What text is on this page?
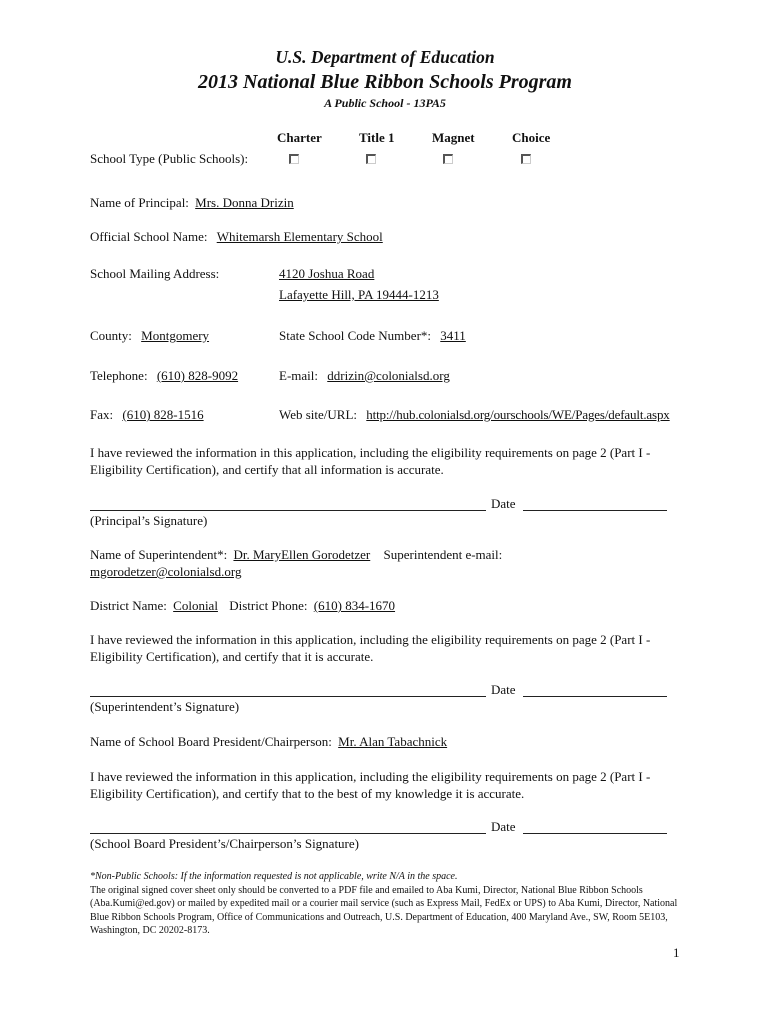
U.S. Department of Education
2013 National Blue Ribbon Schools Program
A Public School - 13PA5
Charter	Title 1	Magnet	Choice
School Type (Public Schools):
Name of Principal: Mrs. Donna Drizin
Official School Name: Whitemarsh Elementary School
School Mailing Address:	4120 Joshua Road
Lafayette Hill, PA 19444-1213
County: Montgomery	State School Code Number*: 3411
Telephone: (610) 828-9092	E-mail: ddrizin@colonialsd.org
Fax: (610) 828-1516	Web site/URL: http://hub.colonialsd.org/ourschools/WE/Pages/default.aspx
I have reviewed the information in this application, including the eligibility requirements on page 2 (Part I - Eligibility Certification), and certify that all information is accurate.
Date
(Principal’s Signature)
Name of Superintendent*: Dr. MaryEllen Gorodetzer Superintendent e-mail:
mgorodetzer@colonialsd.org
District Name: Colonial District Phone: (610) 834-1670
I have reviewed the information in this application, including the eligibility requirements on page 2 (Part I - Eligibility Certification), and certify that it is accurate.
Date
(Superintendent’s Signature)
Name of School Board President/Chairperson: Mr. Alan Tabachnick
I have reviewed the information in this application, including the eligibility requirements on page 2 (Part I - Eligibility Certification), and certify that to the best of my knowledge it is accurate.
Date
(School Board President’s/Chairperson’s Signature)
*Non-Public Schools: If the information requested is not applicable, write N/A in the space.
The original signed cover sheet only should be converted to a PDF file and emailed to Aba Kumi, Director, National Blue Ribbon Schools (Aba.Kumi@ed.gov) or mailed by expedited mail or a courier mail service (such as Express Mail, FedEx or UPS) to Aba Kumi, Director, National Blue Ribbon Schools Program, Office of Communications and Outreach, U.S. Department of Education, 400 Maryland Ave., SW, Room 5E103, Washington, DC 20202-8173.
1
